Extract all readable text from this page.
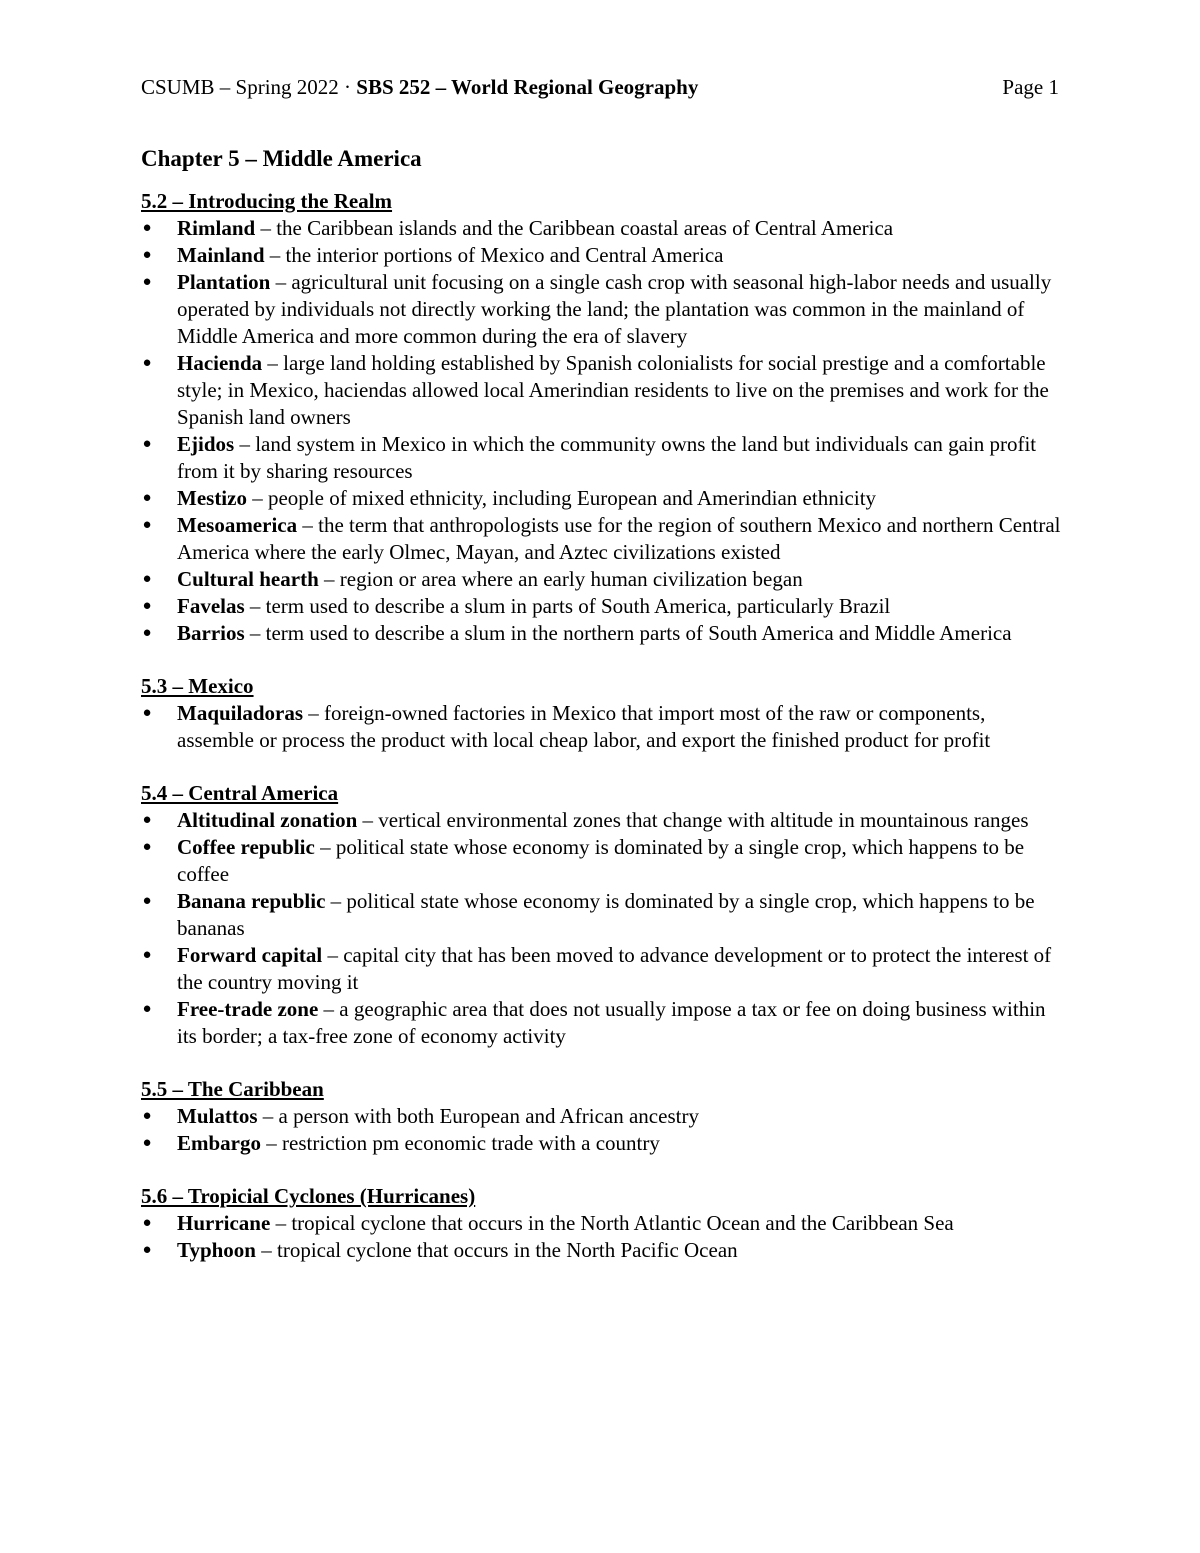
CSUMB – Spring 2022 · SBS 252 – World Regional Geography	Page 1
Chapter 5 – Middle America
5.2 – Introducing the Realm
● Rimland – the Caribbean islands and the Caribbean coastal areas of Central America
● Mainland – the interior portions of Mexico and Central America
● Plantation – agricultural unit focusing on a single cash crop with seasonal high-labor needs and usually operated by individuals not directly working the land; the plantation was common in the mainland of Middle America and more common during the era of slavery
● Hacienda – large land holding established by Spanish colonialists for social prestige and a comfortable style; in Mexico, haciendas allowed local Amerindian residents to live on the premises and work for the Spanish land owners
● Ejidos – land system in Mexico in which the community owns the land but individuals can gain profit from it by sharing resources
● Mestizo – people of mixed ethnicity, including European and Amerindian ethnicity
● Mesoamerica – the term that anthropologists use for the region of southern Mexico and northern Central America where the early Olmec, Mayan, and Aztec civilizations existed
● Cultural hearth – region or area where an early human civilization began
● Favelas – term used to describe a slum in parts of South America, particularly Brazil
● Barrios – term used to describe a slum in the northern parts of South America and Middle America
5.3 – Mexico
● Maquiladoras – foreign-owned factories in Mexico that import most of the raw or components, assemble or process the product with local cheap labor, and export the finished product for profit
5.4 – Central America
● Altitudinal zonation – vertical environmental zones that change with altitude in mountainous ranges
● Coffee republic – political state whose economy is dominated by a single crop, which happens to be coffee
● Banana republic – political state whose economy is dominated by a single crop, which happens to be bananas
● Forward capital – capital city that has been moved to advance development or to protect the interest of the country moving it
● Free-trade zone – a geographic area that does not usually impose a tax or fee on doing business within its border; a tax-free zone of economy activity
5.5 – The Caribbean
● Mulattos – a person with both European and African ancestry
● Embargo – restriction pm economic trade with a country
5.6 – Tropicial Cyclones (Hurricanes)
● Hurricane – tropical cyclone that occurs in the North Atlantic Ocean and the Caribbean Sea
● Typhoon – tropical cyclone that occurs in the North Pacific Ocean
